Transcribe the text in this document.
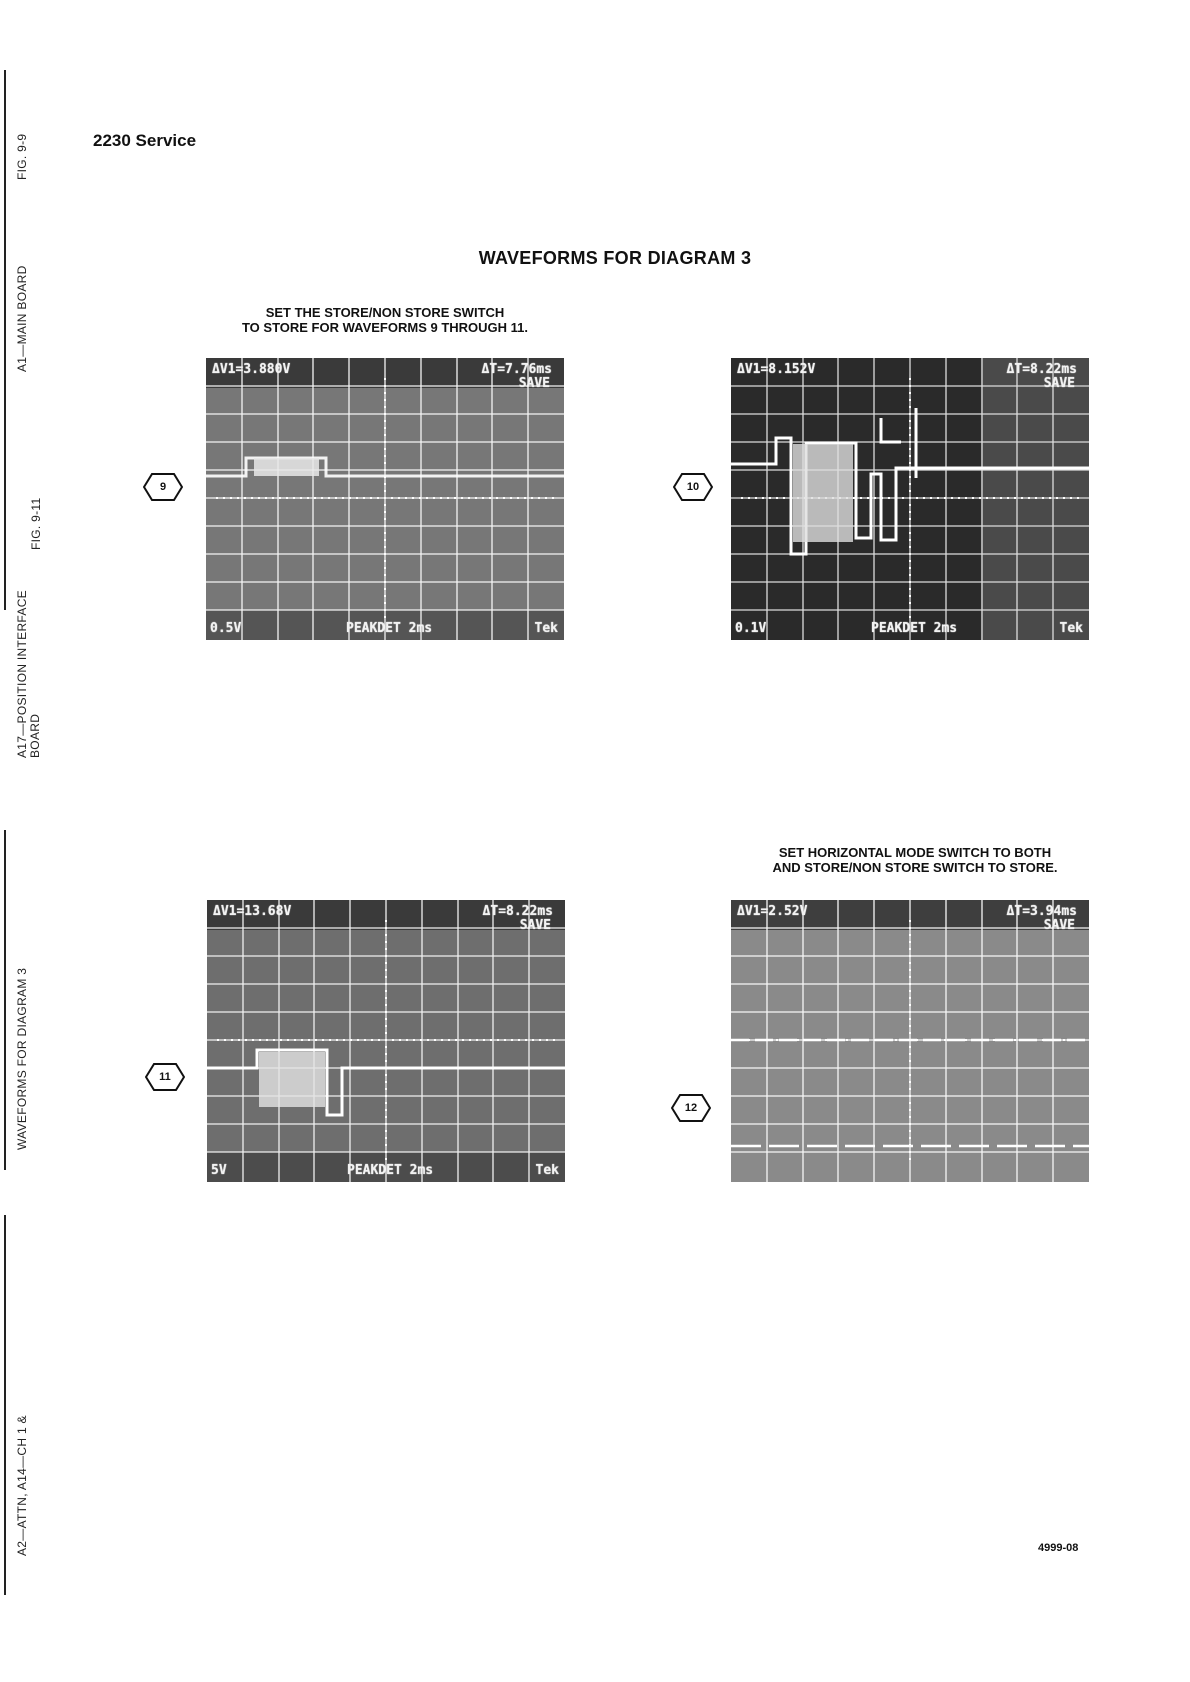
FIG. 9-9
A1—MAIN BOARD
FIG. 9-11
A17—POSITION INTERFACE BOARD
WAVEFORMS FOR DIAGRAM 3
A2—ATTN, A14—CH 1 &
2230 Service
WAVEFORMS FOR DIAGRAM 3
SET THE STORE/NON STORE SWITCH
TO STORE FOR WAVEFORMS 9 THROUGH 11.
SET HORIZONTAL MODE SWITCH TO BOTH
AND STORE/NON STORE SWITCH TO STORE.
9
ΔV1=3.880V	ΔT=7.76ms
SAVE
0.5V	PEAKDET 2ms	Tek
10
ΔV1=8.152V	ΔT=8.22ms
SAVE
0.1V	PEAKDET 2ms	Tek
11
ΔV1=13.68V	ΔT=8.22ms
SAVE
5V	PEAKDET 2ms	Tek
12
ΔV1=2.52V	ΔT=3.94ms
SAVE
4999-08
